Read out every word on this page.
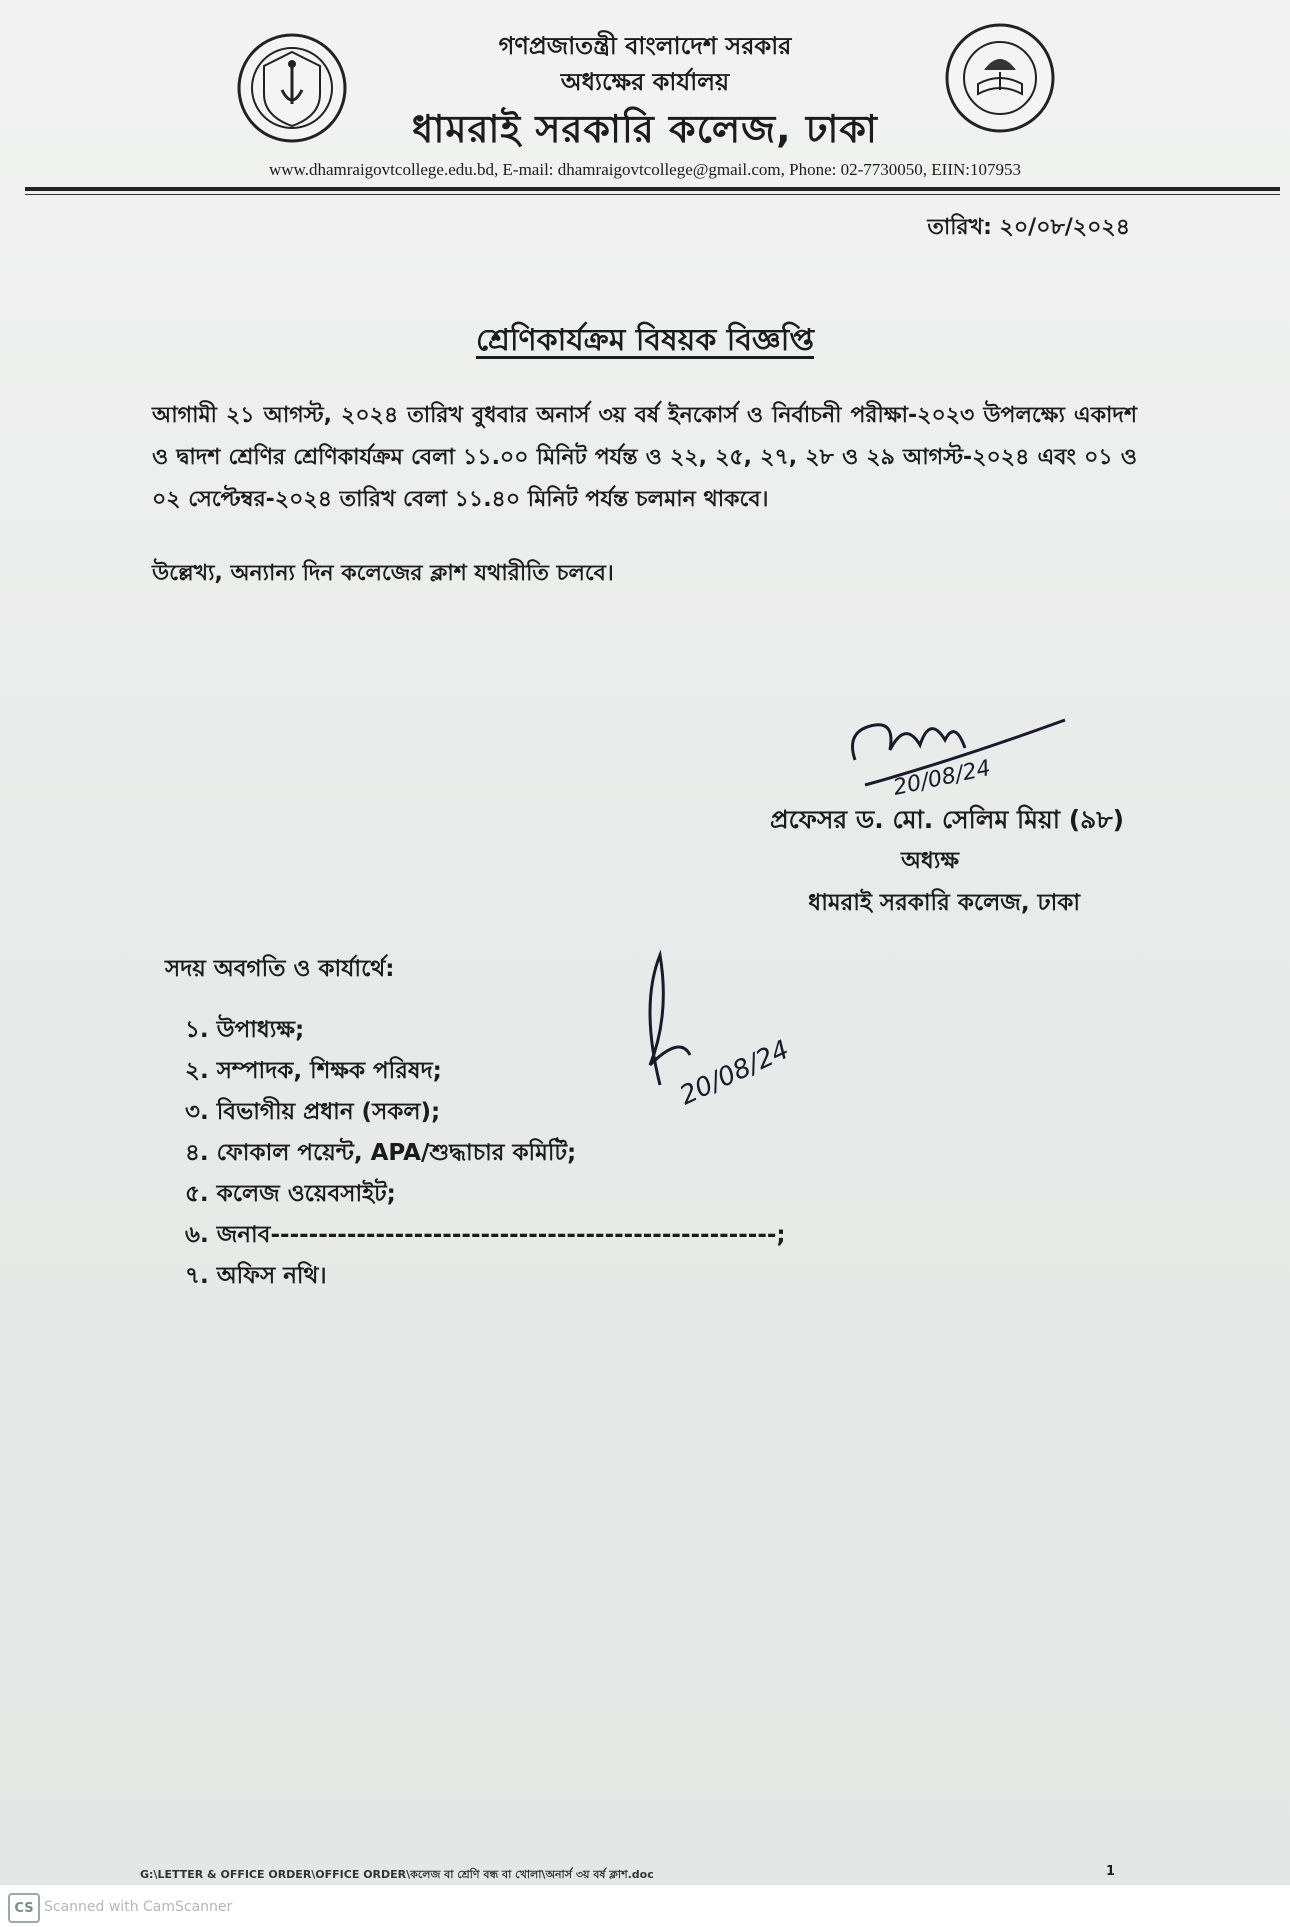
গণপ্রজাতন্ত্রী বাংলাদেশ সরকার
অধ্যক্ষের কার্যালয়
ধামরাই সরকারি কলেজ, ঢাকা
www.dhamraigovtcollege.edu.bd, E-mail: dhamraigovtcollege@gmail.com, Phone: 02-7730050, EIIN:107953
তারিখ: ২০/০৮/২০২৪
শ্রেণিকার্যক্রম বিষয়ক বিজ্ঞপ্তি
আগামী ২১ আগস্ট, ২০২৪ তারিখ বুধবার অনার্স ৩য় বর্ষ ইনকোর্স ও নির্বাচনী পরীক্ষা-২০২৩ উপলক্ষ্যে একাদশ ও দ্বাদশ শ্রেণির শ্রেণিকার্যক্রম বেলা ১১.০০ মিনিট পর্যন্ত ও ২২, ২৫, ২৭, ২৮ ও ২৯ আগস্ট-২০২৪ এবং ০১ ও ০২ সেপ্টেম্বর-২০২৪ তারিখ বেলা ১১.৪০ মিনিট পর্যন্ত চলমান থাকবে।
উল্লেখ্য, অন্যান্য দিন কলেজের ক্লাশ যথারীতি চলবে।
20/08/24
প্রফেসর ড. মো. সেলিম মিয়া (৯৮)
অধ্যক্ষ
ধামরাই সরকারি কলেজ, ঢাকা
সদয় অবগতি ও কার্যার্থে:
১. উপাধ্যক্ষ;
২. সম্পাদক, শিক্ষক পরিষদ;
৩. বিভাগীয় প্রধান (সকল);
৪. ফোকাল পয়েন্ট, APA/শুদ্ধাচার কমিটি;
৫. কলেজ ওয়েবসাইট;
৬. জনাব-----------------------------------------------------;
৭. অফিস নথি।
20/08/24
G:\LETTER & OFFICE ORDER\OFFICE ORDER\কলেজ বা শ্রেণি বন্ধ বা খোলা\অনার্স ৩য় বর্ষ ক্লাশ.doc	1
CS Scanned with CamScanner
